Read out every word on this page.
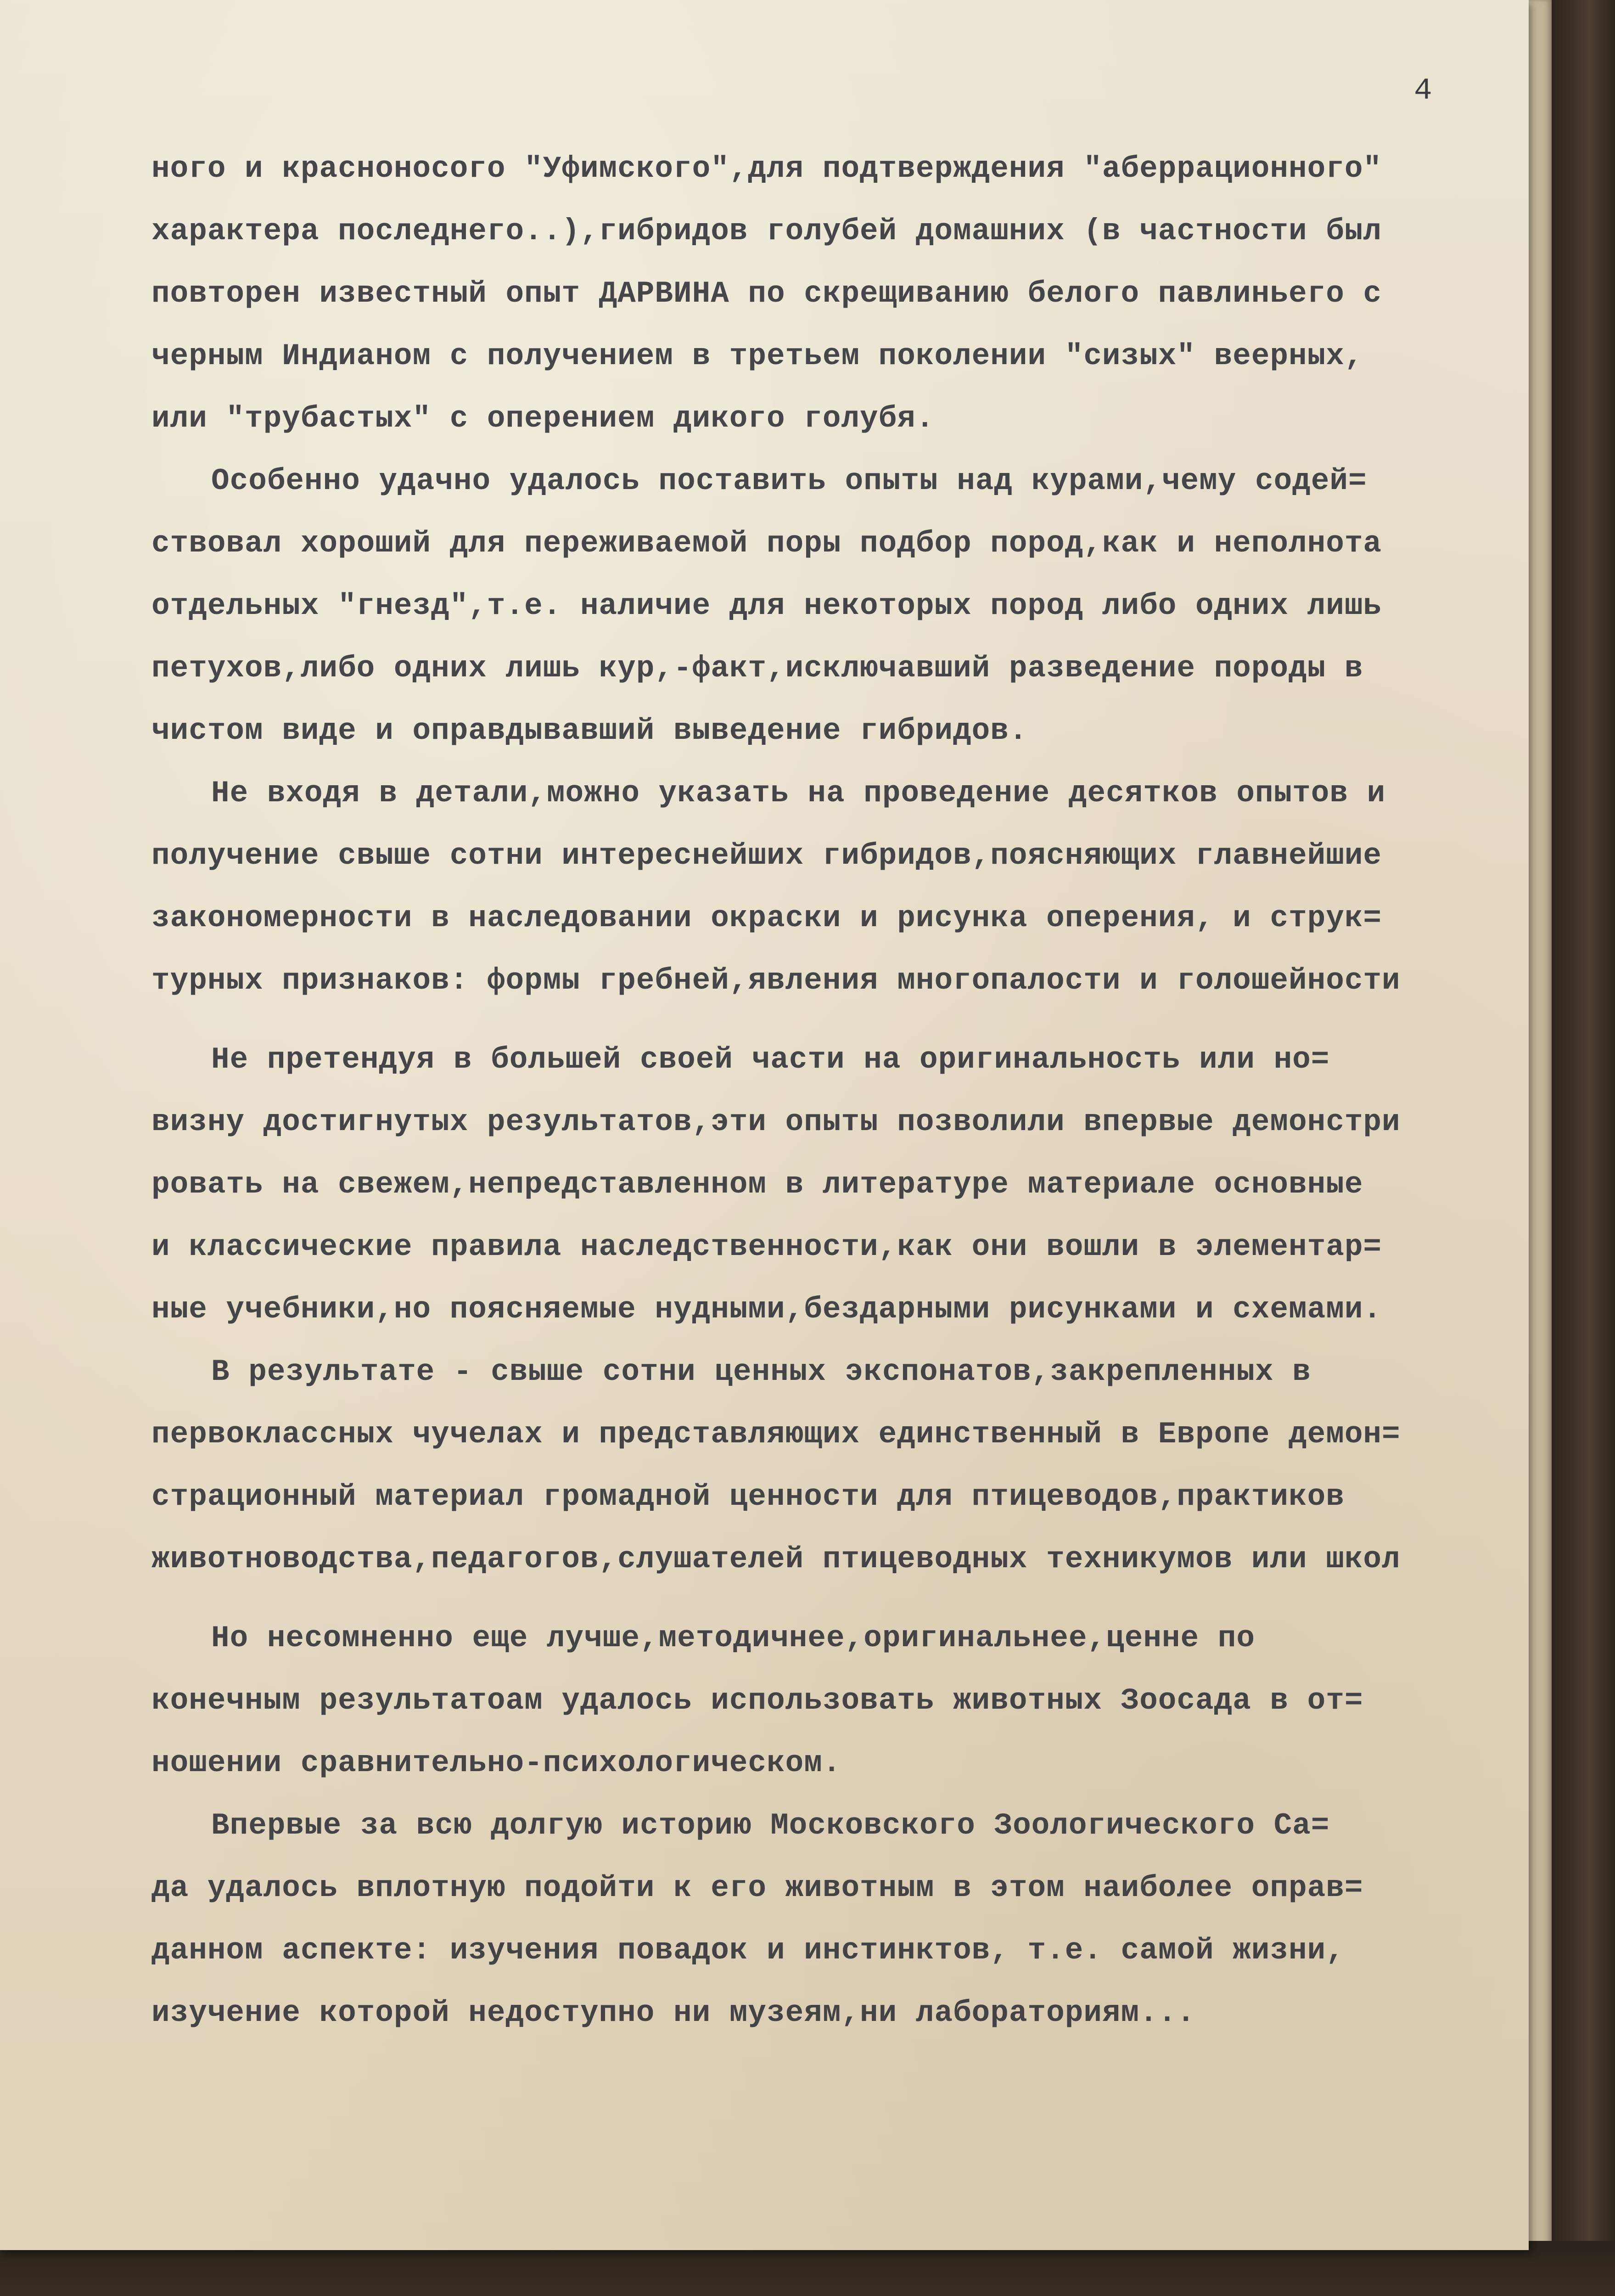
4
ного и красноносого "Уфимского",для подтверждения "аберрационного"
характера последнего..),гибридов голубей домашних (в частности был
повторен известный опыт ДАРВИНА по скрещиванию белого павлиньего с
черным Индианом с получением в третьем поколении "сизых" веерных,
или "трубастых" с оперением дикого голубя.
Особенно удачно удалось поставить опыты над курами,чему содей=
ствовал хороший для переживаемой поры подбор пород,как и неполнота
отдельных "гнезд",т.е. наличие для некоторых пород либо одних лишь
петухов,либо одних лишь кур,-факт,исключавший разведение породы в
чистом виде и оправдывавший выведение гибридов.
Не входя в детали,можно указать на проведение десятков опытов и
получение свыше сотни интереснейших гибридов,поясняющих главнейшие
закономерности в наследовании окраски и рисунка оперения, и струк=
турных признаков: формы гребней,явления многопалости и голошейности
Не претендуя в большей своей части на оригинальность или но=
визну достигнутых результатов,эти опыты позволили впервые демонстри
ровать на свежем,непредставленном в литературе материале основные
и классические правила наследственности,как они вошли в элементар=
ные учебники,но поясняемые нудными,бездарными рисунками и схемами.
В результате - свыше сотни ценных экспонатов,закрепленных в
первоклассных чучелах и представляющих единственный в Европе демон=
страционный материал громадной ценности для птицеводов,практиков
животноводства,педагогов,слушателей птицеводных техникумов или школ
Но несомненно еще лучше,методичнее,оригинальнее,ценне по
конечным результатоам удалось использовать животных Зоосада в от=
ношении сравнительно-психологическом.
Впервые за всю долгую историю Московского Зоологического Са=
да удалось вплотную подойти к его животным в этом наиболее оправ=
данном аспекте: изучения повадок и инстинктов, т.е. самой жизни,
изучение которой недоступно ни музеям,ни лабораториям...
